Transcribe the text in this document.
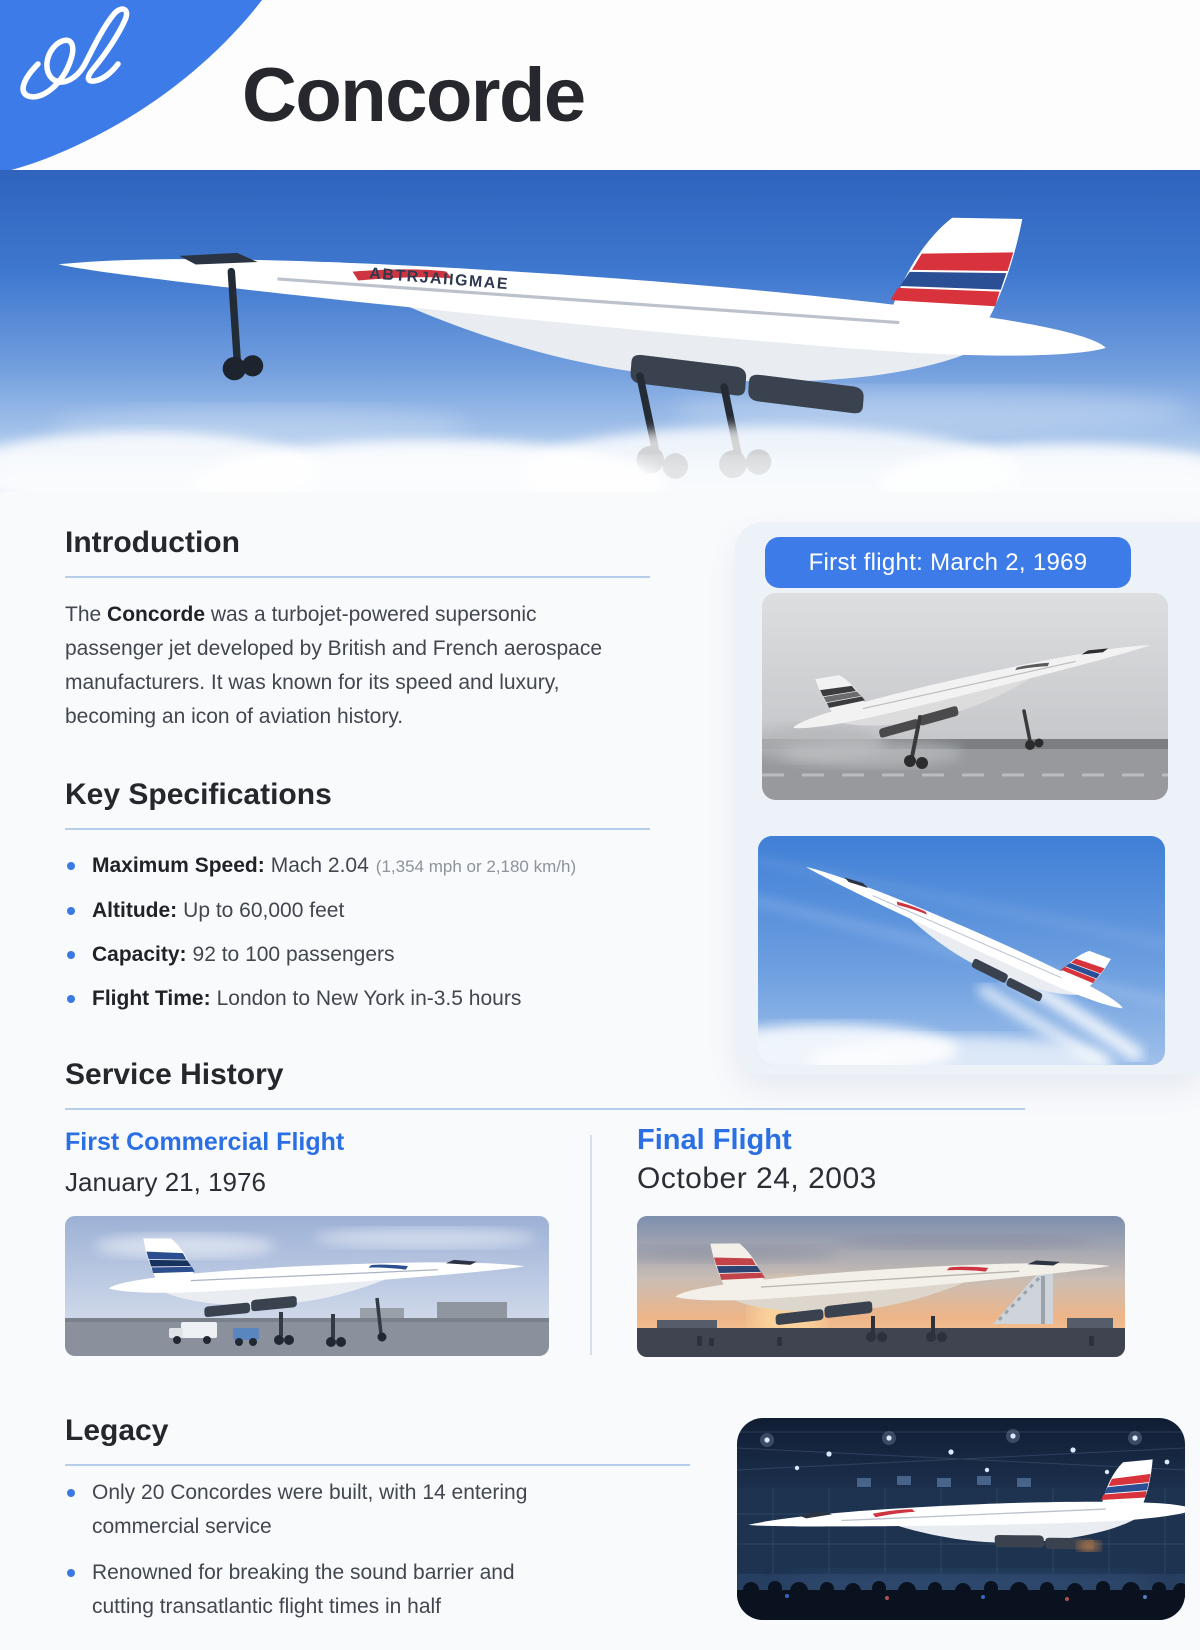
Concorde
ABTRJAIIGMAE
Introduction

The Concorde was a turbojet-powered supersonic passenger jet developed by British and French aerospace manufacturers. It was known for its speed and luxury, becoming an icon of aviation history.

Key Specifications
Maximum Speed: Mach 2.04 (1,354 mph or 2,180 km/h)
Altitude: Up to 60,000 feet
Capacity: 92 to 100 passengers
Flight Time: London to New York in-3.5 hours
First flight: March 2, 1969
Service History
First Commercial Flight

January 21, 1976

Final Flight

October 24, 2003

Legacy
Only 20 Concordes were built, with 14 entering commercial service
Renowned for breaking the sound barrier and cutting transatlantic flight times in half
